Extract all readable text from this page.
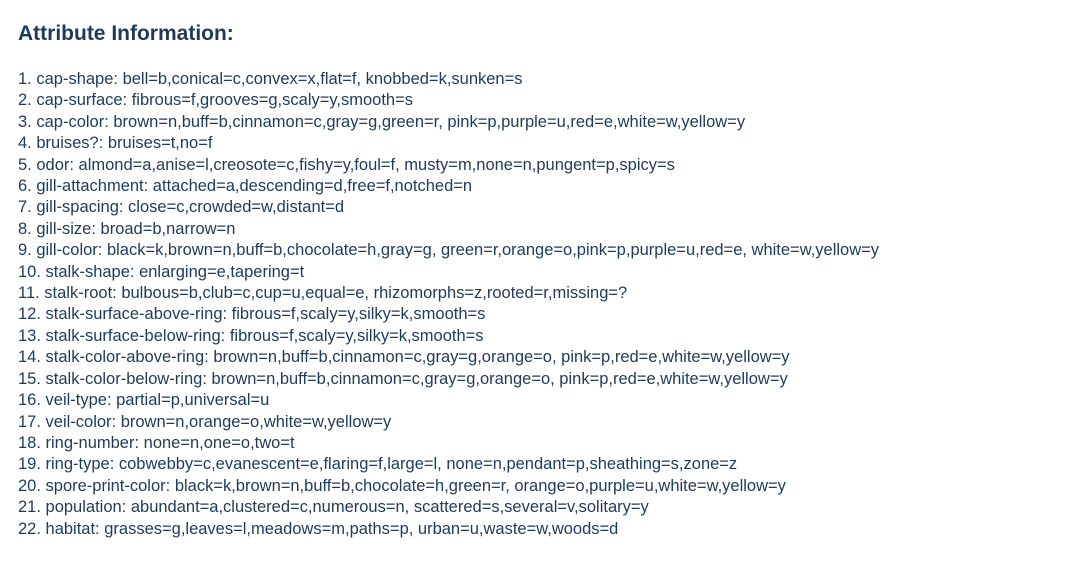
Attribute Information:
1. cap-shape: bell=b,conical=c,convex=x,flat=f, knobbed=k,sunken=s
2. cap-surface: fibrous=f,grooves=g,scaly=y,smooth=s
3. cap-color: brown=n,buff=b,cinnamon=c,gray=g,green=r, pink=p,purple=u,red=e,white=w,yellow=y
4. bruises?: bruises=t,no=f
5. odor: almond=a,anise=l,creosote=c,fishy=y,foul=f, musty=m,none=n,pungent=p,spicy=s
6. gill-attachment: attached=a,descending=d,free=f,notched=n
7. gill-spacing: close=c,crowded=w,distant=d
8. gill-size: broad=b,narrow=n
9. gill-color: black=k,brown=n,buff=b,chocolate=h,gray=g, green=r,orange=o,pink=p,purple=u,red=e, white=w,yellow=y
10. stalk-shape: enlarging=e,tapering=t
11. stalk-root: bulbous=b,club=c,cup=u,equal=e, rhizomorphs=z,rooted=r,missing=?
12. stalk-surface-above-ring: fibrous=f,scaly=y,silky=k,smooth=s
13. stalk-surface-below-ring: fibrous=f,scaly=y,silky=k,smooth=s
14. stalk-color-above-ring: brown=n,buff=b,cinnamon=c,gray=g,orange=o, pink=p,red=e,white=w,yellow=y
15. stalk-color-below-ring: brown=n,buff=b,cinnamon=c,gray=g,orange=o, pink=p,red=e,white=w,yellow=y
16. veil-type: partial=p,universal=u
17. veil-color: brown=n,orange=o,white=w,yellow=y
18. ring-number: none=n,one=o,two=t
19. ring-type: cobwebby=c,evanescent=e,flaring=f,large=l, none=n,pendant=p,sheathing=s,zone=z
20. spore-print-color: black=k,brown=n,buff=b,chocolate=h,green=r, orange=o,purple=u,white=w,yellow=y
21. population: abundant=a,clustered=c,numerous=n, scattered=s,several=v,solitary=y
22. habitat: grasses=g,leaves=l,meadows=m,paths=p, urban=u,waste=w,woods=d
